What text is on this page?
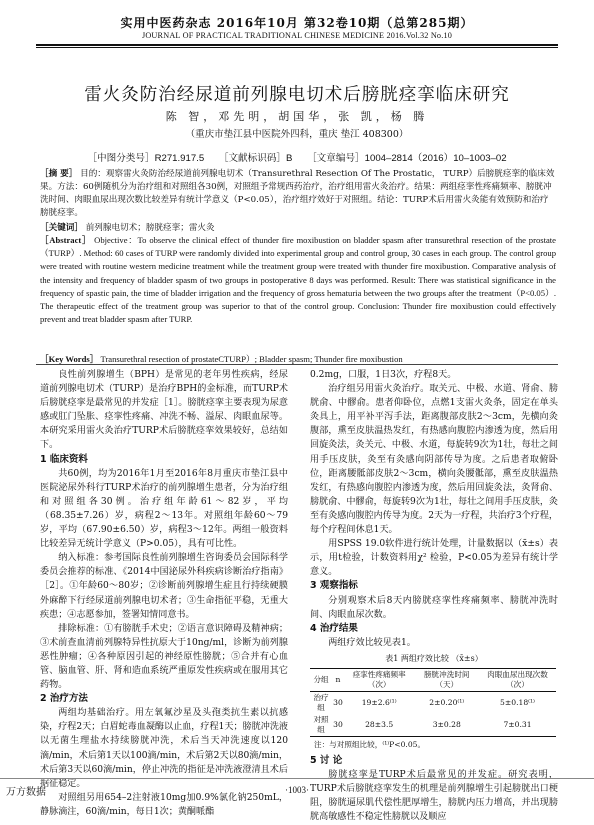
实用中医药杂志 2016年10月 第32卷10期（总第285期）
JOURNAL OF PRACTICAL TRADITIONAL CHINESE MEDICINE 2016.Vol.32 No.10
雷火灸防治经尿道前列腺电切术后膀胱痉挛临床研究
陈 智，邓先明，胡国华，张 凯，杨 腾
（重庆市垫江县中医院外四科，重庆 垫江 408300）
［中图分类号］R271.917.5 ［文献标识码］B ［文章编号］1004–2814（2016）10–1003–02
［摘 要］ 目的：观察雷火灸防治经尿道前列腺电切术（Transurethral Resection Of The Prostatic， TURP）后膀胱痉挛的临床效果。方法：60例随机分为治疗组和对照组各30例，对照组予常规西药治疗，治疗组用雷火灸治疗。结果：两组痉挛性疼痛频率、膀胱冲洗时间、肉眼血尿出现次数比较差异有统计学意义（P<0.05），治疗组疗效好于对照组。结论：TURP术后用雷火灸能有效预防和治疗膀胱痉挛。
［关键词］ 前列腺电切术；膀胱痉挛；雷火灸
［Abstract］ Objective：To observe the clinical effect of thunder fire moxibustion on bladder spasm after transurethral resection of the prostate（TURP）. Method: 60 cases of TURP were randomly divided into experimental group and control group, 30 cases in each group. The control group were treated with routine western medicine treatment while the treatment group were treated with thunder fire moxibustion. Comparative analysis of the intensity and frequency of bladder spasm of two groups in postoperative 8 days was performed. Result: There was statistical significance in the frequency of spastic pain, the time of bladder irrigation and the frequency of gross hematuria between the two groups after the treatment（P<0.05）. The therapeutic effect of the treatment group was superior to that of the control group. Conclusion: Thunder fire moxibustion could effectively prevent and treat bladder spasm after TURP.
［Key Words］ Transurethral resection of prostateCTURP）; Bladder spasm; Thunder fire moxibustion

良性前列腺增生（BPH）是常见的老年男性疾病，经尿道前列腺电切术（TURP）是治疗BPH的金标准，而TURP术后膀胱痉挛是最常见的并发症［1］。膀胱痉挛主要表现为尿意感或肛门坠胀、痉挛性疼痛、冲洗不畅、溢尿、肉眼血尿等。本研究采用雷火灸治疗TURP术后膀胱痉挛效果较好，总结如下。

1 临床资料

共60例，均为2016年1月至2016年8月重庆市垫江县中医院泌尿外科行TURP术治疗的前列腺增生患者，分为治疗组和对照组各30例。治疗组年龄61～82岁，平均（68.35±7.26）岁，病程2～13年。对照组年龄60～79岁，平均（67.90±6.50）岁，病程3～12年。两组一般资料比较差异无统计学意义（P>0.05），具有可比性。

纳入标准：参考国际良性前列腺增生咨询委员会国际科学委员会推荐的标准、《2014中国泌尿外科疾病诊断治疗指南》［2］。①年龄60～80岁；②诊断前列腺增生症且行持续硬膜外麻醉下行经尿道前列腺电切术者；③生命指征平稳，无重大疾患；④志愿参加，签署知情同意书。

排除标准：①有膀胱手术史；②语言意识障碍及精神病；③术前查血清前列腺特异性抗原大于10ng/ml，诊断为前列腺恶性肿瘤；④各种原因引起的神经原性膀胱；⑤合并有心血管、脑血管、肝、肾和造血系统严重原发性疾病或在服用其它药物。

2 治疗方法

两组均基础治疗。用左氧氟沙星及头孢类抗生素以抗感染，疗程2天；白眉蛇毒血凝酶以止血，疗程1天；膀胱冲洗液以无菌生理盐水持续膀胱冲洗，术后当天冲洗速度以120滴/min，术后第1天以100滴/min，术后第2天以80滴/min，术后第3天以60滴/min，停止冲洗的指征是冲洗液澄清且术后据征稳定。

对照组另用654–2注射液10mg加0.9%氯化钠250mL，静脉滴注，60滴/min，每日1次；黄酮哌酯

0.2mg，口服，1日3次，疗程8天。

治疗组另用雷火灸治疗。取关元、中极、水道、肾俞、膀胱俞、中髎俞。患者仰卧位，点燃1支雷火灸条，固定在单头灸具上，用平补平泻手法，距离腹部皮肤2～3cm，先横向灸腹部，熏至皮肤温热发红，有热感向腹腔内渗透为度，然后用回旋灸法，灸关元、中极、水道，每旋转9次为1壮，每壮之间用手压皮肤，灸至有灸感向阴部传导为度。之后患者取俯卧位，距离腰骶部皮肤2～3cm，横向灸腰骶部，熏至皮肤温热发红，有热感向腹腔内渗透为度，然后用回旋灸法，灸肾俞、膀胱俞、中髎俞，每旋转9次为1壮，每壮之间用手压皮肤，灸至有灸感向腹腔内传导为度。2天为一疗程，共治疗3个疗程，每个疗程间休息1天。

用SPSS 19.0软件进行统计处理，计量数据以（x̄±s）表示，用t检验，计数资料用χ² 检验，P<0.05为差异有统计学意义。

3 观察指标

分别观察术后8天内膀胱痉挛性疼痛频率、膀胱冲洗时间、肉眼血尿次数。

4 治疗结果

两组疗效比较见表1。

表1 两组疗效比较 （x̄±s）
分组	n	痉挛性疼痛频率（次）	膀胱冲洗时间（天）	肉眼血尿出现次数（次）
治疗组	30	19±2.6⁽¹⁾	2±0.20⁽¹⁾	5±0.18⁽¹⁾
对照组	30	28±3.5	3±0.28	7±0.31
注：与对照组比较，⁽¹⁾P<0.05。
5 讨 论

膀胱痉挛是TURP术后最常见的并发症。研究表明，TURP术后膀胱痉挛发生的机理是前列腺增生引起膀胱出口梗阻，膀胱逼尿肌代偿性肥厚增生，膀胱内压力增高，并出现膀胱高敏感性不稳定性膀胱以及顺应

·1003·
万方数据
